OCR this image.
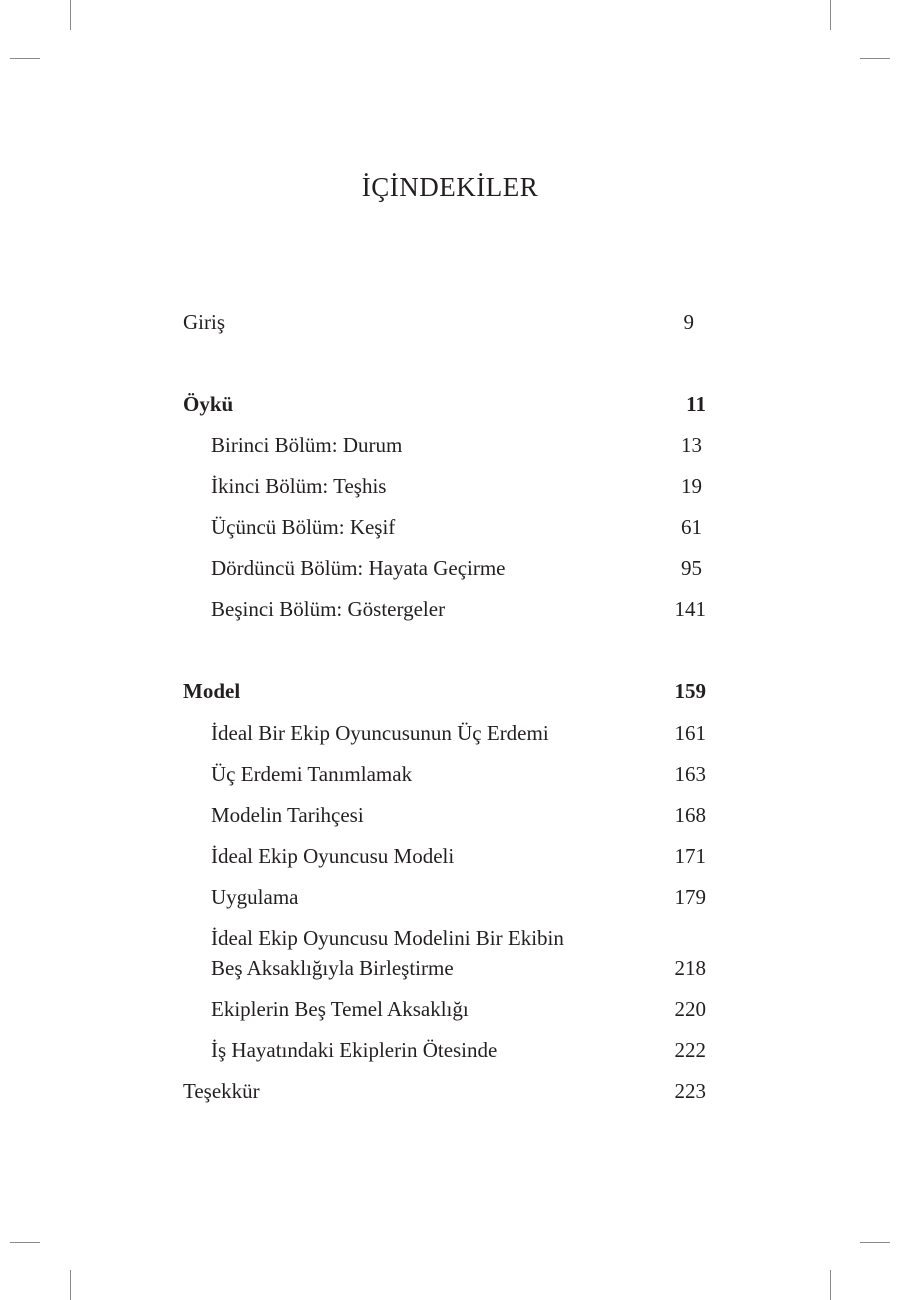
İÇİNDEKİLER
Giriş	9
Öykü	11
Birinci Bölüm: Durum	13
İkinci Bölüm: Teşhis	19
Üçüncü Bölüm: Keşif	61
Dördüncü Bölüm: Hayata Geçirme	95
Beşinci Bölüm: Göstergeler	141
Model	159
İdeal Bir Ekip Oyuncusunun Üç Erdemi	161
Üç Erdemi Tanımlamak	163
Modelin Tarihçesi	168
İdeal Ekip Oyuncusu Modeli	171
Uygulama	179
İdeal Ekip Oyuncusu Modelini Bir Ekibin
Beş Aksaklığıyla Birleştirme	218
Ekiplerin Beş Temel Aksaklığı	220
İş Hayatındaki Ekiplerin Ötesinde	222
Teşekkür	223
